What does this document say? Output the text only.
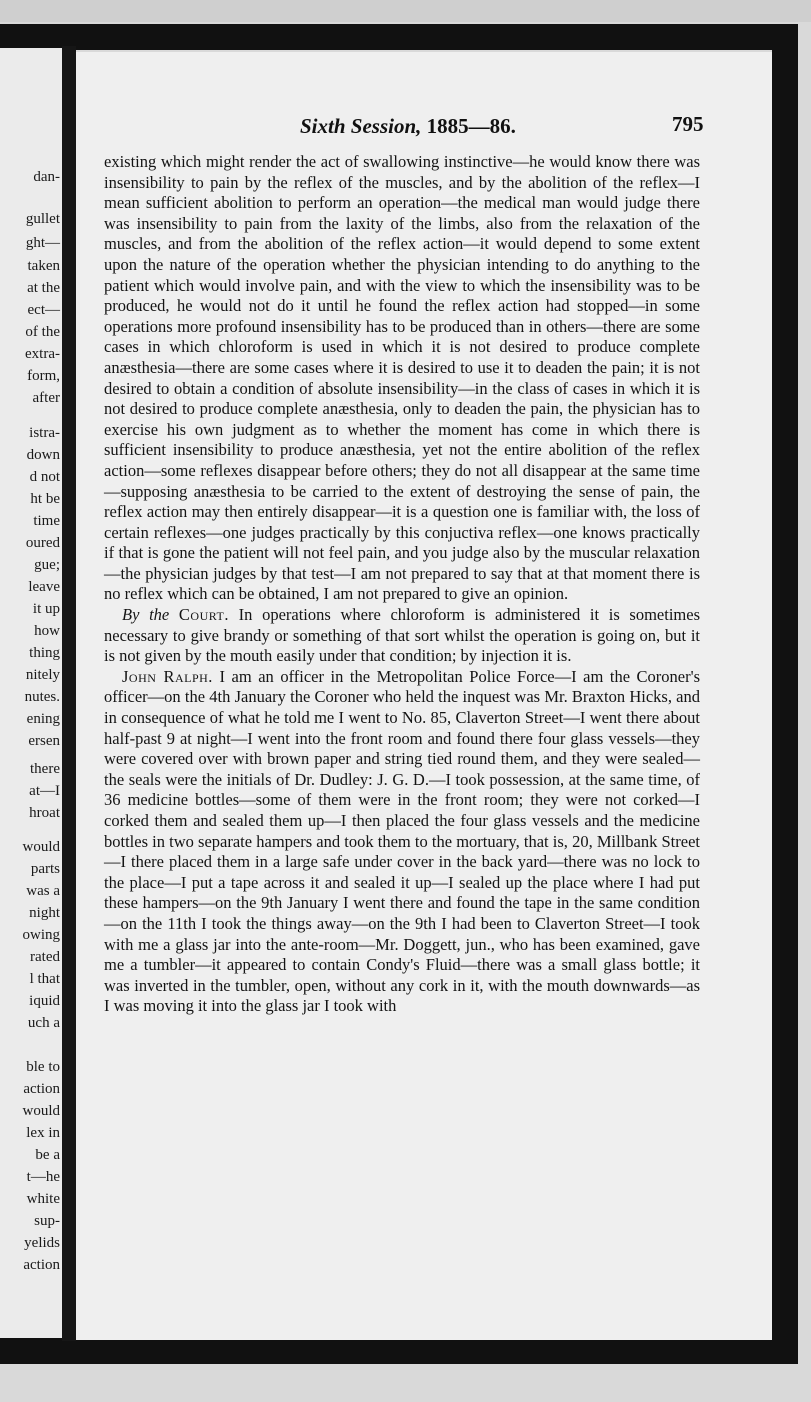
dan-
gullet
ght—
taken
at the
ect—
of the
extra-
form,
after
istra-
down
d not
ht be
time
oured
gue;
leave
it up
how
thing
nitely
nutes.
ening
ersen
there
at—I
hroat
would
parts
was a
night
owing
rated
l that
iquid
uch a
ble to
action
would
lex in
be a
t—he
white
sup-
yelids
action
Sixth Session, 1885—86.	795

existing which might render the act of swallowing instinctive—he would know there was insensibility to pain by the reflex of the muscles, and by the abolition of the reflex—I mean sufficient abolition to perform an operation—the medical man would judge there was insensibility to pain from the laxity of the limbs, also from the relaxation of the muscles, and from the abolition of the reflex action—it would depend to some extent upon the nature of the operation whether the physician intending to do anything to the patient which would involve pain, and with the view to which the insensibility was to be produced, he would not do it until he found the reflex action had stopped—in some operations more profound insensibility has to be produced than in others—there are some cases in which chloroform is used in which it is not desired to produce complete anæsthesia—there are some cases where it is desired to use it to deaden the pain; it is not desired to obtain a condition of absolute insensibility—in the class of cases in which it is not desired to produce complete anæsthesia, only to deaden the pain, the physician has to exercise his own judgment as to whether the moment has come in which there is sufficient insensibility to produce anæsthesia, yet not the entire abolition of the reflex action—some reflexes disappear before others; they do not all disappear at the same time—supposing anæsthesia to be carried to the extent of destroying the sense of pain, the reflex action may then entirely disappear—it is a question one is familiar with, the loss of certain reflexes—one judges practically by this conjuctiva reflex—one knows practically if that is gone the patient will not feel pain, and you judge also by the muscular relaxation—the physician judges by that test—I am not prepared to say that at that moment there is no reflex which can be obtained, I am not prepared to give an opinion.

By the Court. In operations where chloroform is administered it is sometimes necessary to give brandy or something of that sort whilst the operation is going on, but it is not given by the mouth easily under that condition; by injection it is.

John Ralph. I am an officer in the Metropolitan Police Force—I am the Coroner's officer—on the 4th January the Coroner who held the inquest was Mr. Braxton Hicks, and in consequence of what he told me I went to No. 85, Claverton Street—I went there about half-past 9 at night—I went into the front room and found there four glass vessels—they were covered over with brown paper and string tied round them, and they were sealed—the seals were the initials of Dr. Dudley: J. G. D.—I took possession, at the same time, of 36 medicine bottles—some of them were in the front room; they were not corked—I corked them and sealed them up—I then placed the four glass vessels and the medicine bottles in two separate hampers and took them to the mortuary, that is, 20, Millbank Street—I there placed them in a large safe under cover in the back yard—there was no lock to the place—I put a tape across it and sealed it up—I sealed up the place where I had put these hampers—on the 9th January I went there and found the tape in the same condition—on the 11th I took the things away—on the 9th I had been to Claverton Street—I took with me a glass jar into the ante-room—Mr. Doggett, jun., who has been examined, gave me a tumbler—it appeared to contain Condy's Fluid—there was a small glass bottle; it was inverted in the tumbler, open, without any cork in it, with the mouth downwards—as I was moving it into the glass jar I took with
